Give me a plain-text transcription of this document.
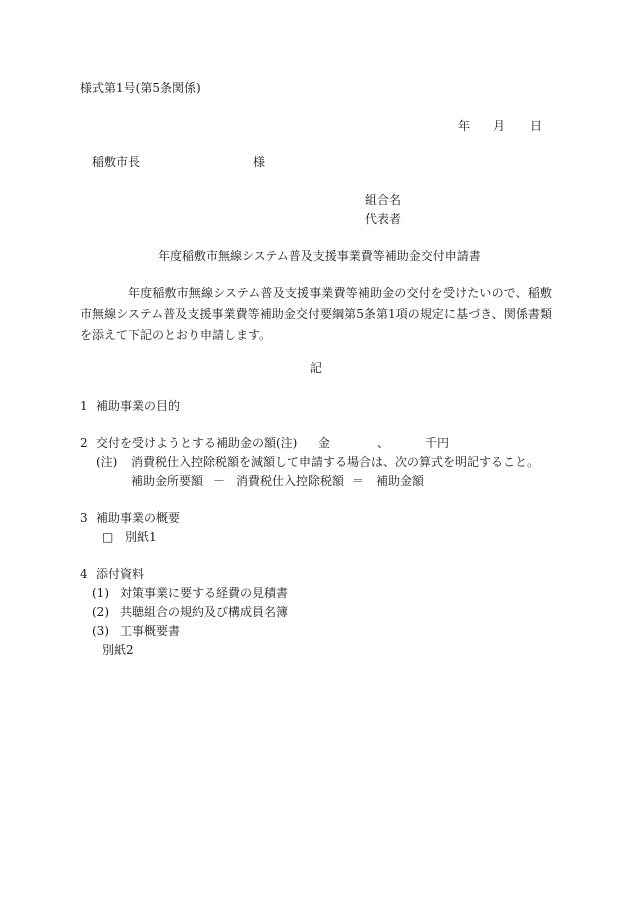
様式第1号(第5条関係)
年 月 日
稲敷市長	様
組合名
代表者
年度稲敷市無線システム普及支援事業費等補助金交付申請書
年度稲敷市無線システム普及支援事業費等補助金の交付を受けたいので、稲敷市無線システム普及支援事業費等補助金交付要綱第5条第1項の規定に基づき、関係書類を添えて下記のとおり申請します。
記
1 補助事業の目的
2 交付を受けようとする補助金の額(注) 金	、	千円
(注) 消費税仕入控除税額を減額して申請する場合は、次の算式を明記すること。
補助金所要額 － 消費税仕入控除税額 ＝ 補助金額
3 補助事業の概要
□ 別紙1
4 添付資料
(1) 対策事業に要する経費の見積書
(2) 共聴組合の規約及び構成員名簿
(3) 工事概要書
別紙2
